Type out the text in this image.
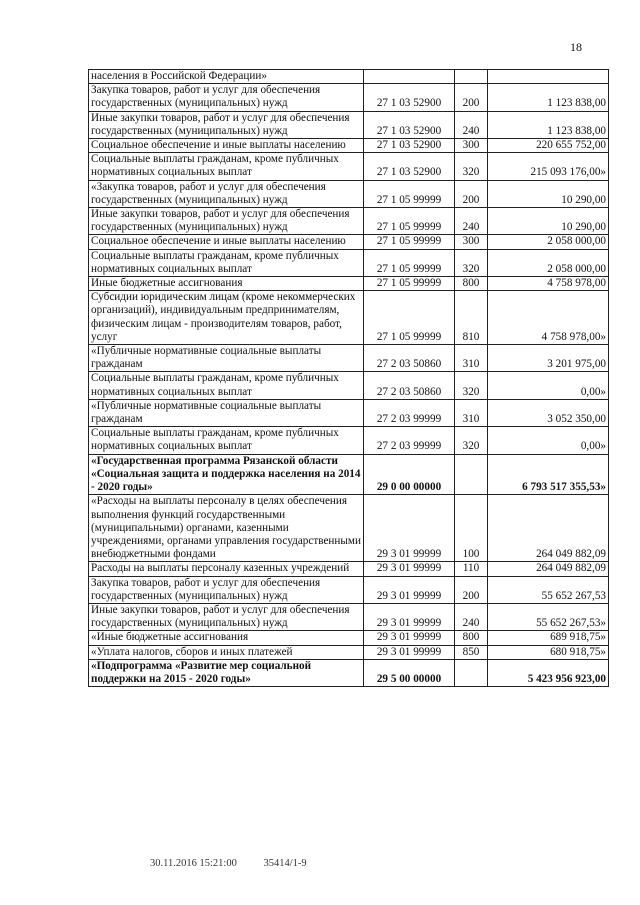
18
населения в Российской Федерации»			
Закупка товаров, работ и услуг для обеспечения государственных (муниципальных) нужд	27 1 03 52900	200	1 123 838,00
Иные закупки товаров, работ и услуг для обеспечения государственных (муниципальных) нужд	27 1 03 52900	240	1 123 838,00
Социальное обеспечение и иные выплаты населению	27 1 03 52900	300	220 655 752,00
Социальные выплаты гражданам, кроме публичных нормативных социальных выплат	27 1 03 52900	320	215 093 176,00»
«Закупка товаров, работ и услуг для обеспечения государственных (муниципальных) нужд	27 1 05 99999	200	10 290,00
Иные закупки товаров, работ и услуг для обеспечения государственных (муниципальных) нужд	27 1 05 99999	240	10 290,00
Социальное обеспечение и иные выплаты населению	27 1 05 99999	300	2 058 000,00
Социальные выплаты гражданам, кроме публичных нормативных социальных выплат	27 1 05 99999	320	2 058 000,00
Иные бюджетные ассигнования	27 1 05 99999	800	4 758 978,00
Субсидии юридическим лицам (кроме некоммерческих организаций), индивидуальным предпринимателям, физическим лицам - производителям товаров, работ, услуг	27 1 05 99999	810	4 758 978,00»
«Публичные нормативные социальные выплаты гражданам	27 2 03 50860	310	3 201 975,00
Социальные выплаты гражданам, кроме публичных нормативных социальных выплат	27 2 03 50860	320	0,00»
«Публичные нормативные социальные выплаты гражданам	27 2 03 99999	310	3 052 350,00
Социальные выплаты гражданам, кроме публичных нормативных социальных выплат	27 2 03 99999	320	0,00»
«Государственная программа Рязанской области «Социальная защита и поддержка населения на 2014 - 2020 годы»	29 0 00 00000		6 793 517 355,53»
«Расходы на выплаты персоналу в целях обеспечения выполнения функций государственными (муниципальными) органами, казенными учреждениями, органами управления государственными внебюджетными фондами	29 3 01 99999	100	264 049 882,09
Расходы на выплаты персоналу казенных учреждений	29 3 01 99999	110	264 049 882,09
Закупка товаров, работ и услуг для обеспечения государственных (муниципальных) нужд	29 3 01 99999	200	55 652 267,53
Иные закупки товаров, работ и услуг для обеспечения государственных (муниципальных) нужд	29 3 01 99999	240	55 652 267,53»
«Иные бюджетные ассигнования	29 3 01 99999	800	689 918,75»
«Уплата налогов, сборов и иных платежей	29 3 01 99999	850	680 918,75»
«Подпрограмма «Развитие мер социальной поддержки на 2015 - 2020 годы»	29 5 00 00000		5 423 956 923,00
30.11.2016 15:21:00	35414/1-9
